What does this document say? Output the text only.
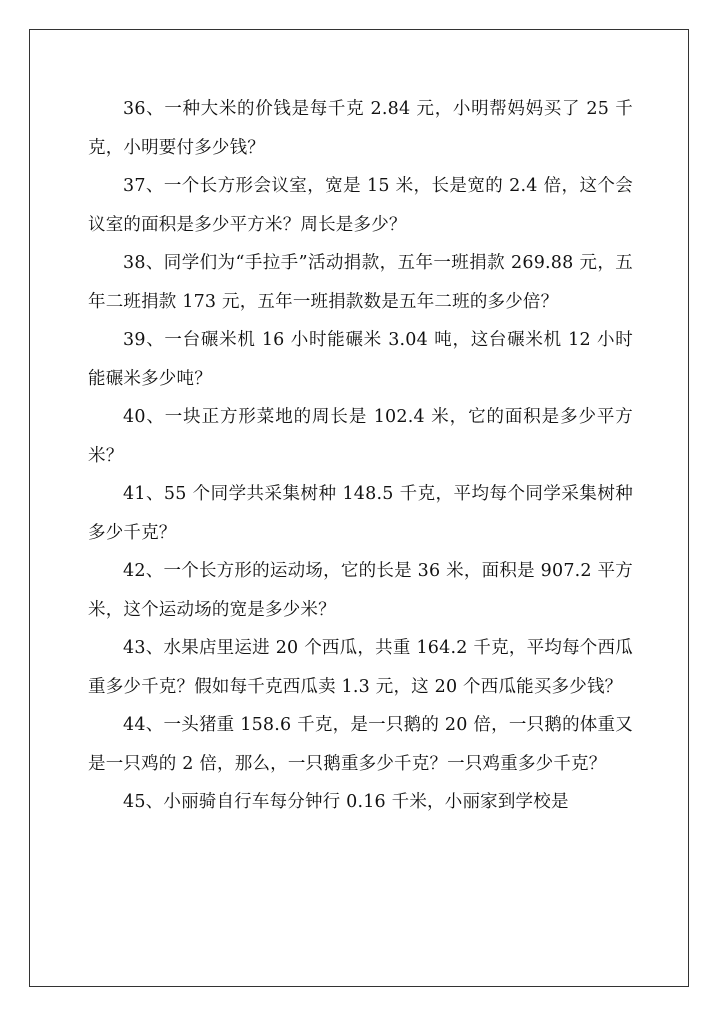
36、一种大米的价钱是每千克 2.84 元，小明帮妈妈买了 25 千克，小明要付多少钱？

37、一个长方形会议室，宽是 15 米，长是宽的 2.4 倍，这个会议室的面积是多少平方米？周长是多少？

38、同学们为“手拉手”活动捐款，五年一班捐款 269.88 元，五年二班捐款 173 元，五年一班捐款数是五年二班的多少倍？

39、一台碾米机 16 小时能碾米 3.04 吨，这台碾米机 12 小时能碾米多少吨？

40、一块正方形菜地的周长是 102.4 米，它的面积是多少平方米？

41、55 个同学共采集树种 148.5 千克，平均每个同学采集树种多少千克？

42、一个长方形的运动场，它的长是 36 米，面积是 907.2 平方米，这个运动场的宽是多少米？

43、水果店里运进 20 个西瓜，共重 164.2 千克，平均每个西瓜重多少千克？假如每千克西瓜卖 1.3 元，这 20 个西瓜能买多少钱？

44、一头猪重 158.6 千克，是一只鹅的 20 倍，一只鹅的体重又是一只鸡的 2 倍，那么，一只鹅重多少千克？一只鸡重多少千克？

45、小丽骑自行车每分钟行 0.16 千米，小丽家到学校是
